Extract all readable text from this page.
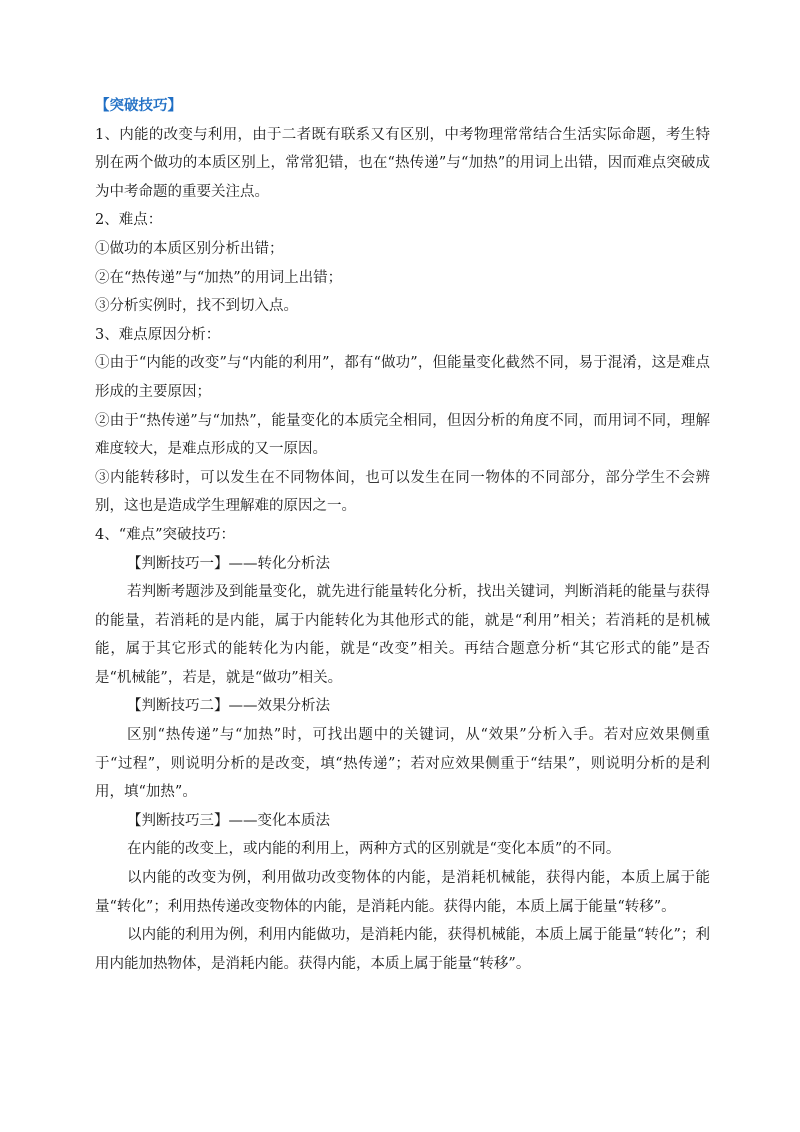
【突破技巧】

1、内能的改变与利用，由于二者既有联系又有区别，中考物理常常结合生活实际命题，考生特别在两个做功的本质区别上，常常犯错，也在“热传递”与“加热”的用词上出错，因而难点突破成为中考命题的重要关注点。

2、难点：

①做功的本质区别分析出错；

②在“热传递”与“加热”的用词上出错；

③分析实例时，找不到切入点。

3、难点原因分析：

①由于“内能的改变”与“内能的利用”，都有“做功”，但能量变化截然不同，易于混淆，这是难点形成的主要原因；

②由于“热传递”与“加热”，能量变化的本质完全相同，但因分析的角度不同，而用词不同，理解难度较大，是难点形成的又一原因。

③内能转移时，可以发生在不同物体间，也可以发生在同一物体的不同部分，部分学生不会辨别，这也是造成学生理解难的原因之一。

4、“难点”突破技巧：

【判断技巧一】——转化分析法

若判断考题涉及到能量变化，就先进行能量转化分析，找出关键词，判断消耗的能量与获得的能量，若消耗的是内能，属于内能转化为其他形式的能，就是“利用”相关；若消耗的是机械能，属于其它形式的能转化为内能，就是“改变”相关。再结合题意分析“其它形式的能”是否是“机械能”，若是，就是“做功”相关。

【判断技巧二】——效果分析法

区别“热传递”与“加热”时，可找出题中的关键词，从“效果”分析入手。若对应效果侧重于“过程”，则说明分析的是改变，填“热传递”；若对应效果侧重于“结果”，则说明分析的是利用，填“加热”。

【判断技巧三】——变化本质法

在内能的改变上，或内能的利用上，两种方式的区别就是“变化本质”的不同。

以内能的改变为例，利用做功改变物体的内能，是消耗机械能，获得内能，本质上属于能量“转化”；利用热传递改变物体的内能，是消耗内能。获得内能，本质上属于能量“转移”。

以内能的利用为例，利用内能做功，是消耗内能，获得机械能，本质上属于能量“转化”；利用内能加热物体，是消耗内能。获得内能，本质上属于能量“转移”。
